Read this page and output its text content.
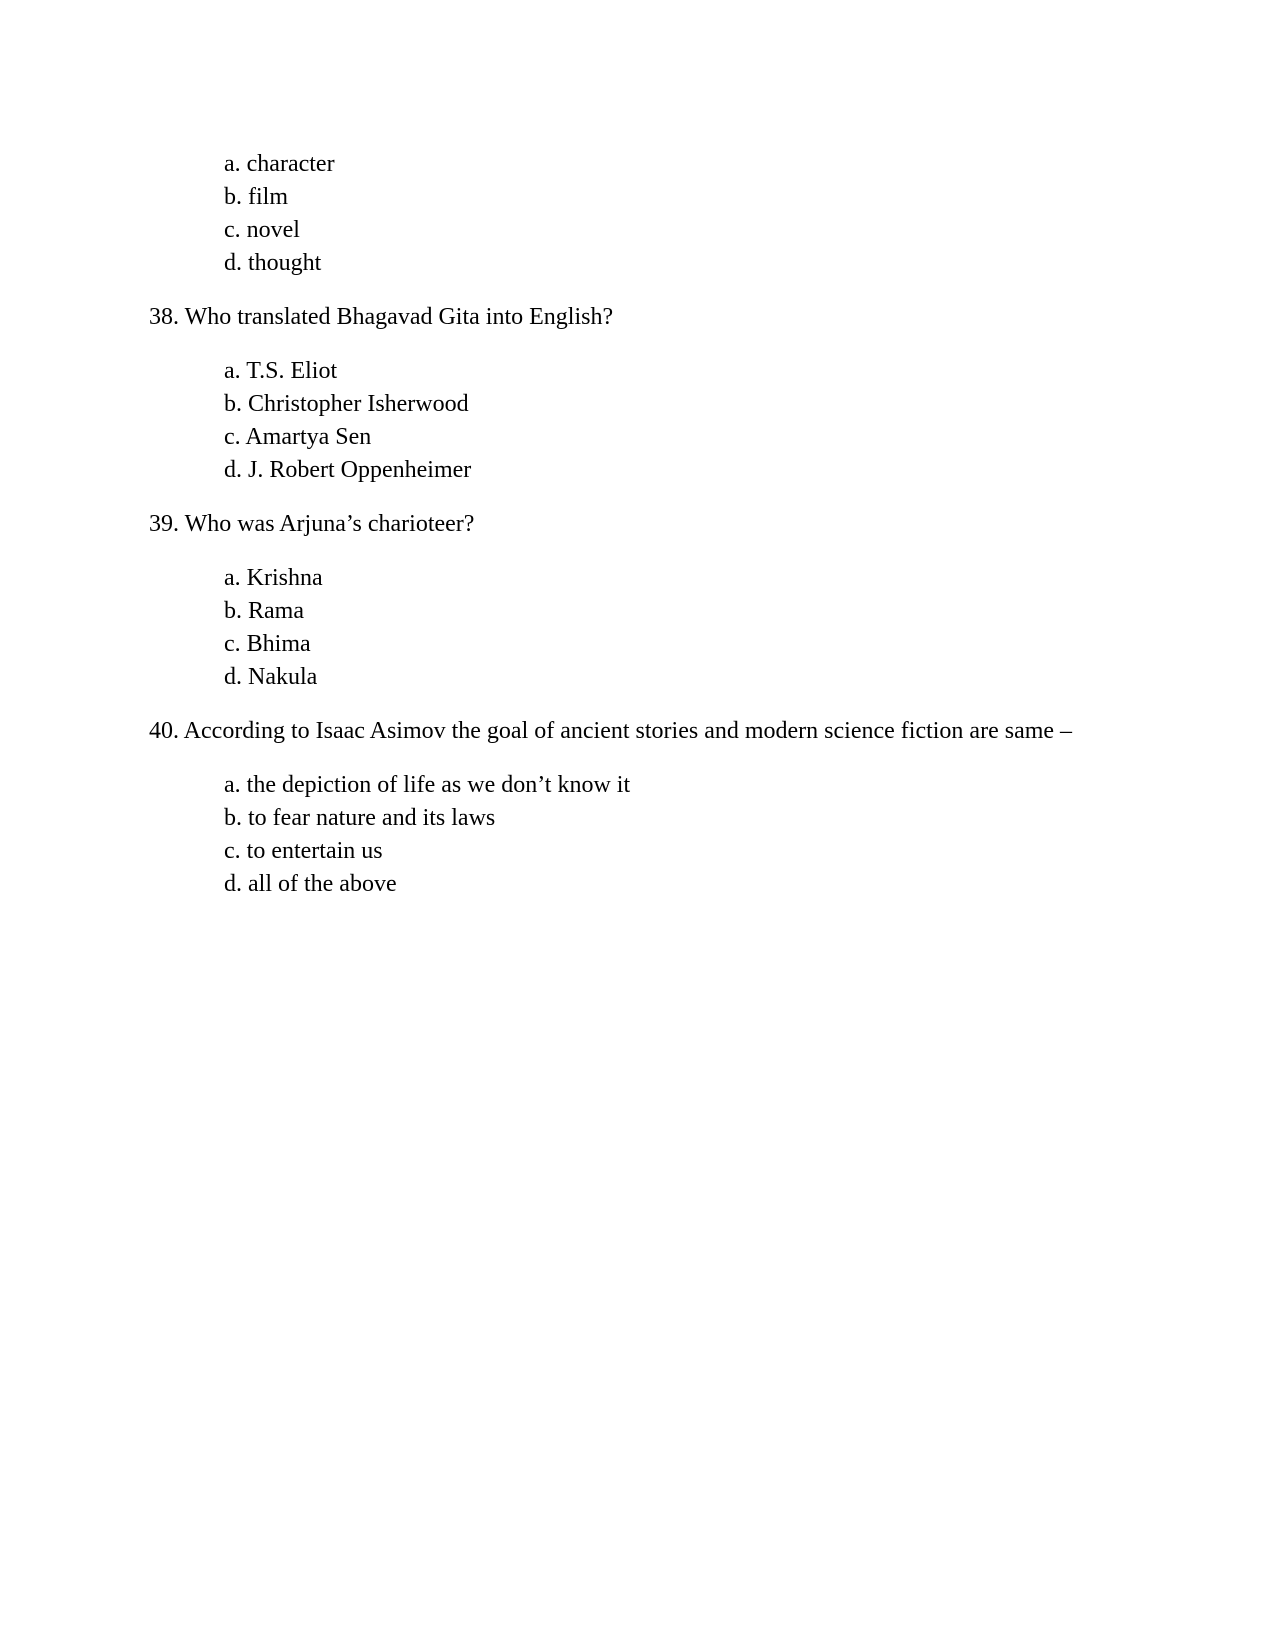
a. character
b. film
c. novel
d. thought
38. Who translated Bhagavad Gita into English?
a. T.S. Eliot
b. Christopher Isherwood
c. Amartya Sen
d. J. Robert Oppenheimer
39. Who was Arjuna’s charioteer?
a. Krishna
b. Rama
c. Bhima
d. Nakula
40. According to Isaac Asimov the goal of ancient stories and modern science fiction are same –
a. the depiction of life as we don’t know it
b. to fear nature and its laws
c. to entertain us
d. all of the above
